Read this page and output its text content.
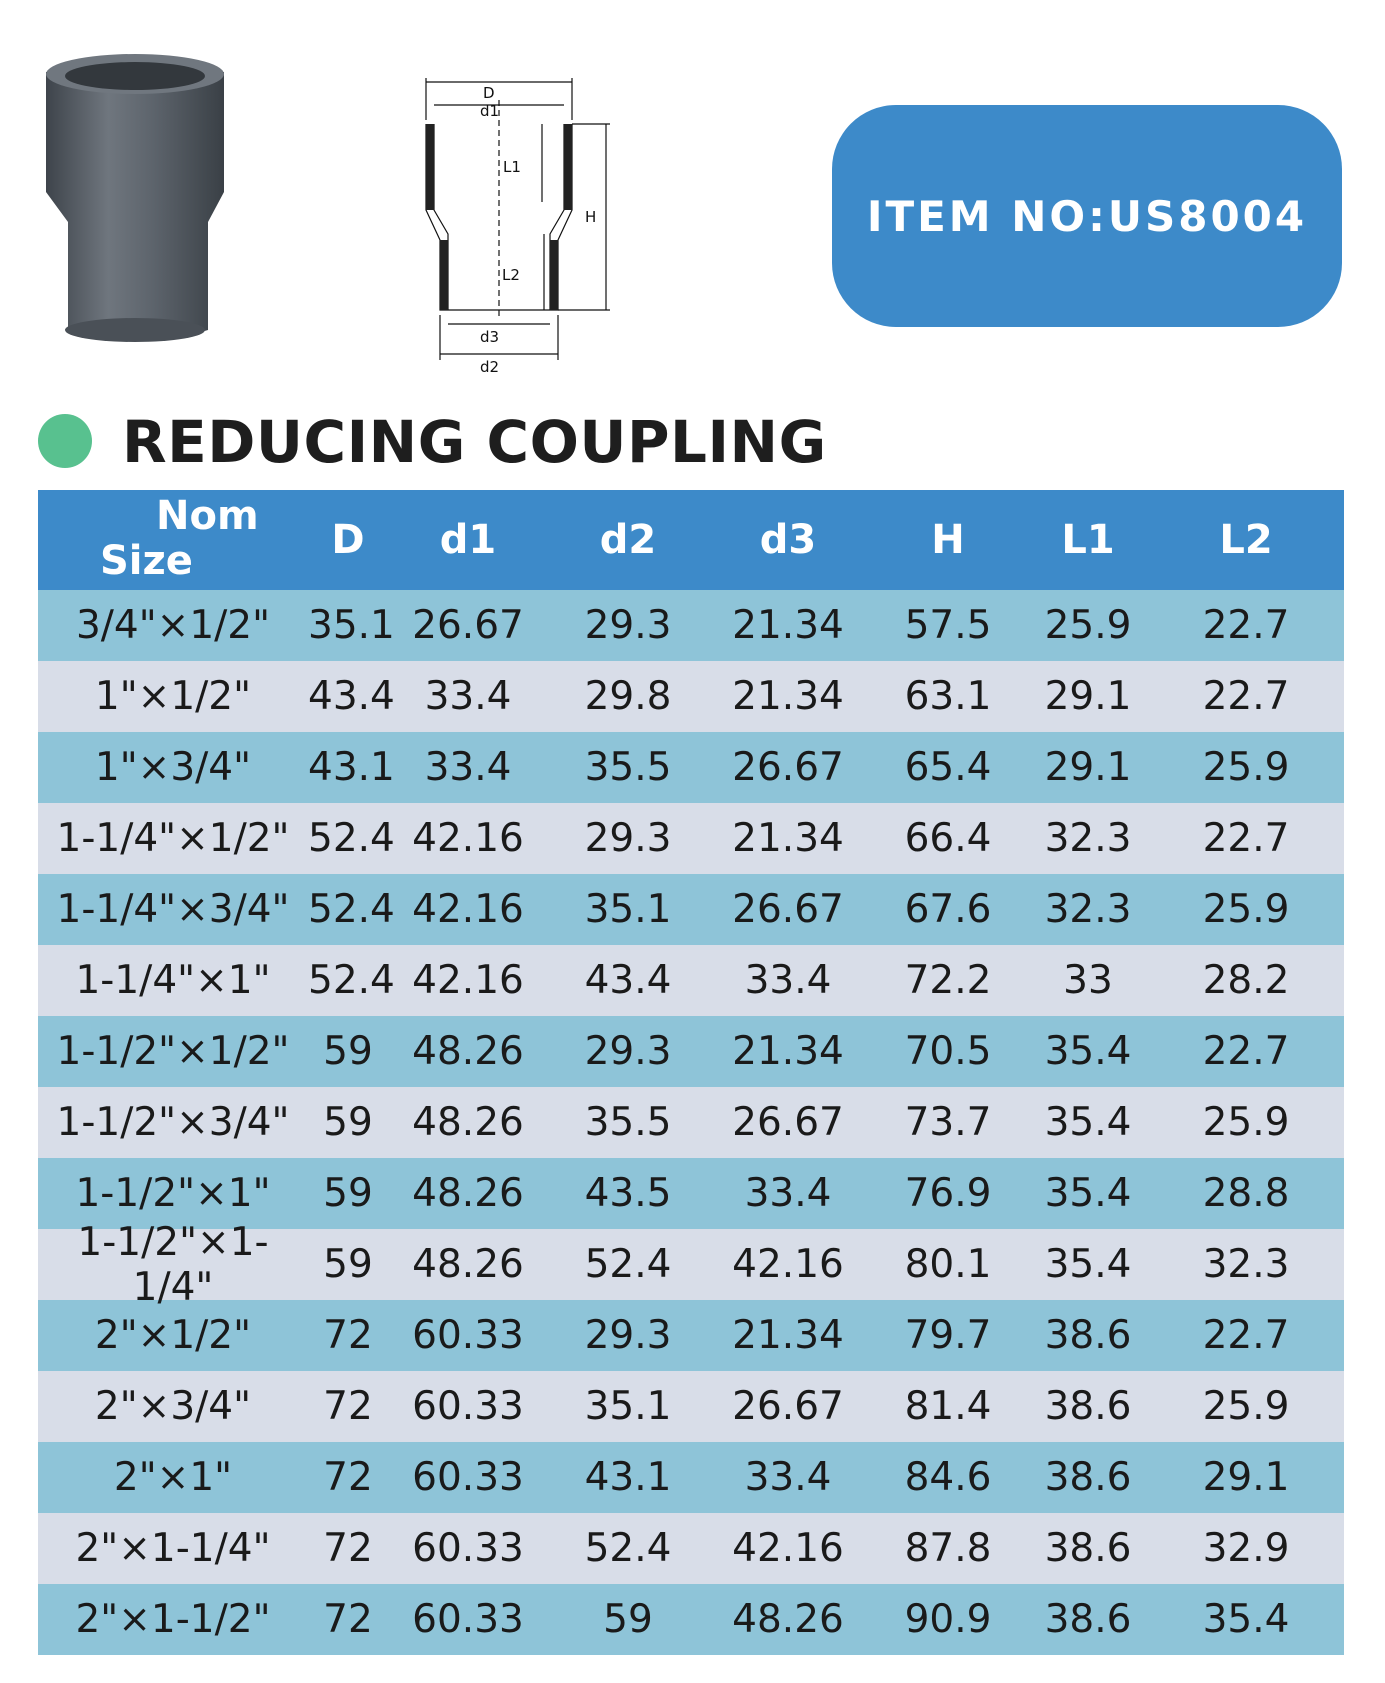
D
d1
L1
H
L2
d3
d2
ITEM NO:US8004
REDUCING COUPLING
Nom
Size	D	d1	d2	d3	H	L1	L2
3/4"×1/2" 35.1 26.67	29.3	21.34	57.5	25.9	22.7
1"×1/2"	43.4 33.4	29.8	21.34	63.1	29.1	22.7
1"×3/4"	43.1 33.4	35.5	26.67	65.4	29.1	25.9
1-1/4"×1/2" 52.4 42.16	29.3	21.34	66.4	32.3	22.7
1-1/4"×3/4" 52.4 42.16	35.1	26.67	67.6	32.3	25.9
1-1/4"×1" 52.4 42.16	43.4	33.4	72.2	33	28.2
1-1/2"×1/2" 59	48.26	29.3	21.34	70.5	35.4	22.7
1-1/2"×3/4" 59	48.26	35.5	26.67	73.7	35.4	25.9
1-1/2"×1"	59	48.26	43.5	33.4	76.9	35.4	28.8
1-1/2"×1-1/4"	59	48.26	52.4	42.16	80.1	35.4	32.3
2"×1/2"	72	60.33	29.3	21.34	79.7	38.6	22.7
2"×3/4"	72	60.33	35.1	26.67	81.4	38.6	25.9
2"×1"	72	60.33	43.1	33.4	84.6	38.6	29.1
2"×1-1/4"	72	60.33	52.4	42.16	87.8	38.6	32.9
2"×1-1/2"	72	60.33	59	48.26	90.9	38.6	35.4
